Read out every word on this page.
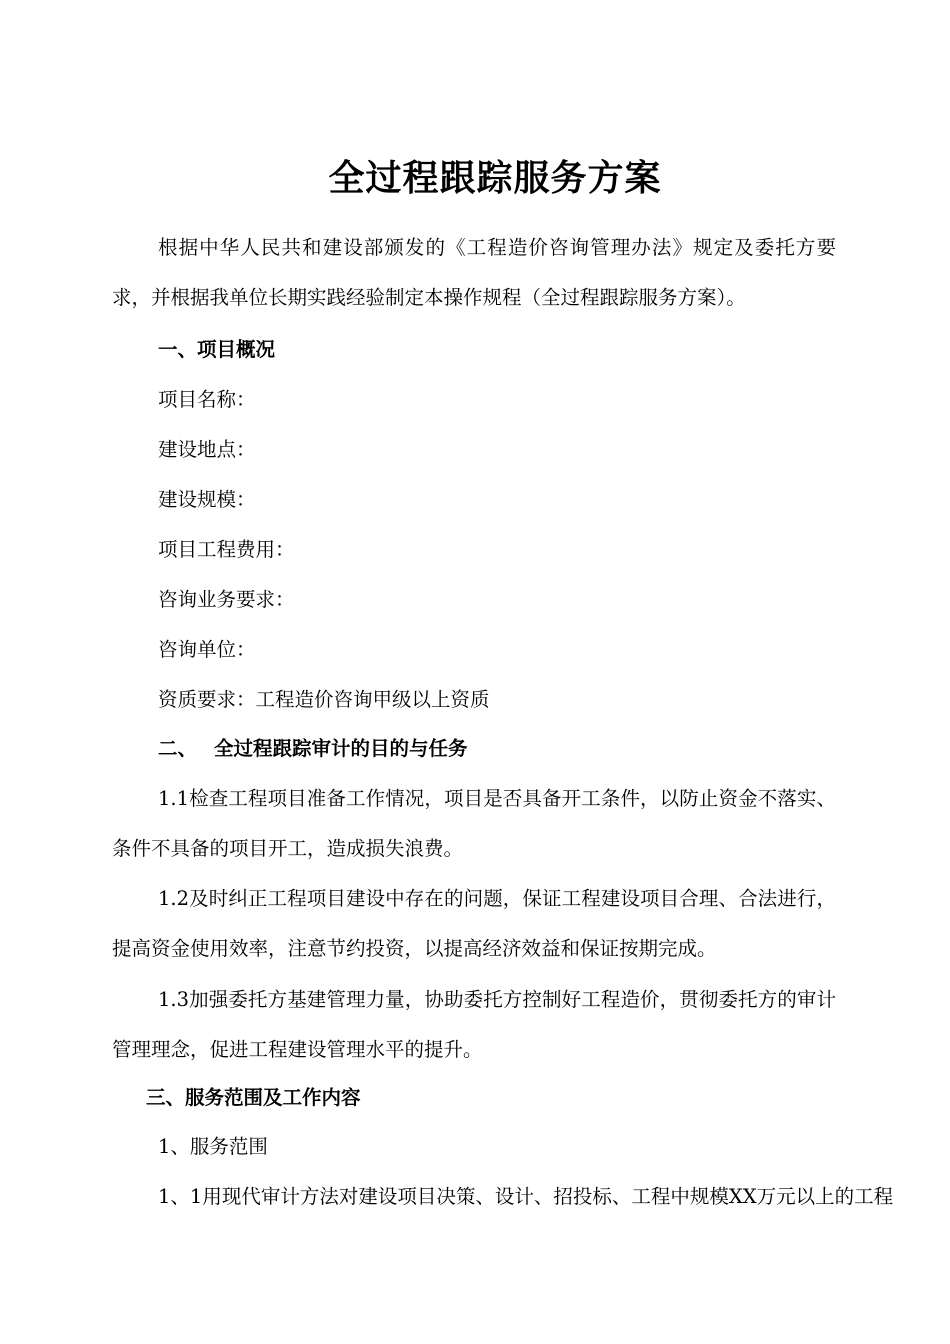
全过程跟踪服务方案

根据中华人民共和建设部颁发的《工程造价咨询管理办法》规定及委托方要求，并根据我单位长期实践经验制定本操作规程（全过程跟踪服务方案）。

一、项目概况

项目名称：

建设地点：

建设规模：

项目工程费用：

咨询业务要求：

咨询单位：

资质要求：工程造价咨询甲级以上资质

二、 全过程跟踪审计的目的与任务

1.1检查工程项目准备工作情况，项目是否具备开工条件，以防止资金不落实、条件不具备的项目开工，造成损失浪费。

1.2及时纠正工程项目建设中存在的问题，保证工程建设项目合理、合法进行，提高资金使用效率，注意节约投资，以提高经济效益和保证按期完成。

1.3加强委托方基建管理力量，协助委托方控制好工程造价，贯彻委托方的审计管理理念，促进工程建设管理水平的提升。

三、服务范围及工作内容

1、服务范围

1、1用现代审计方法对建设项目决策、设计、招投标、工程中规模XX万元以上的工程
